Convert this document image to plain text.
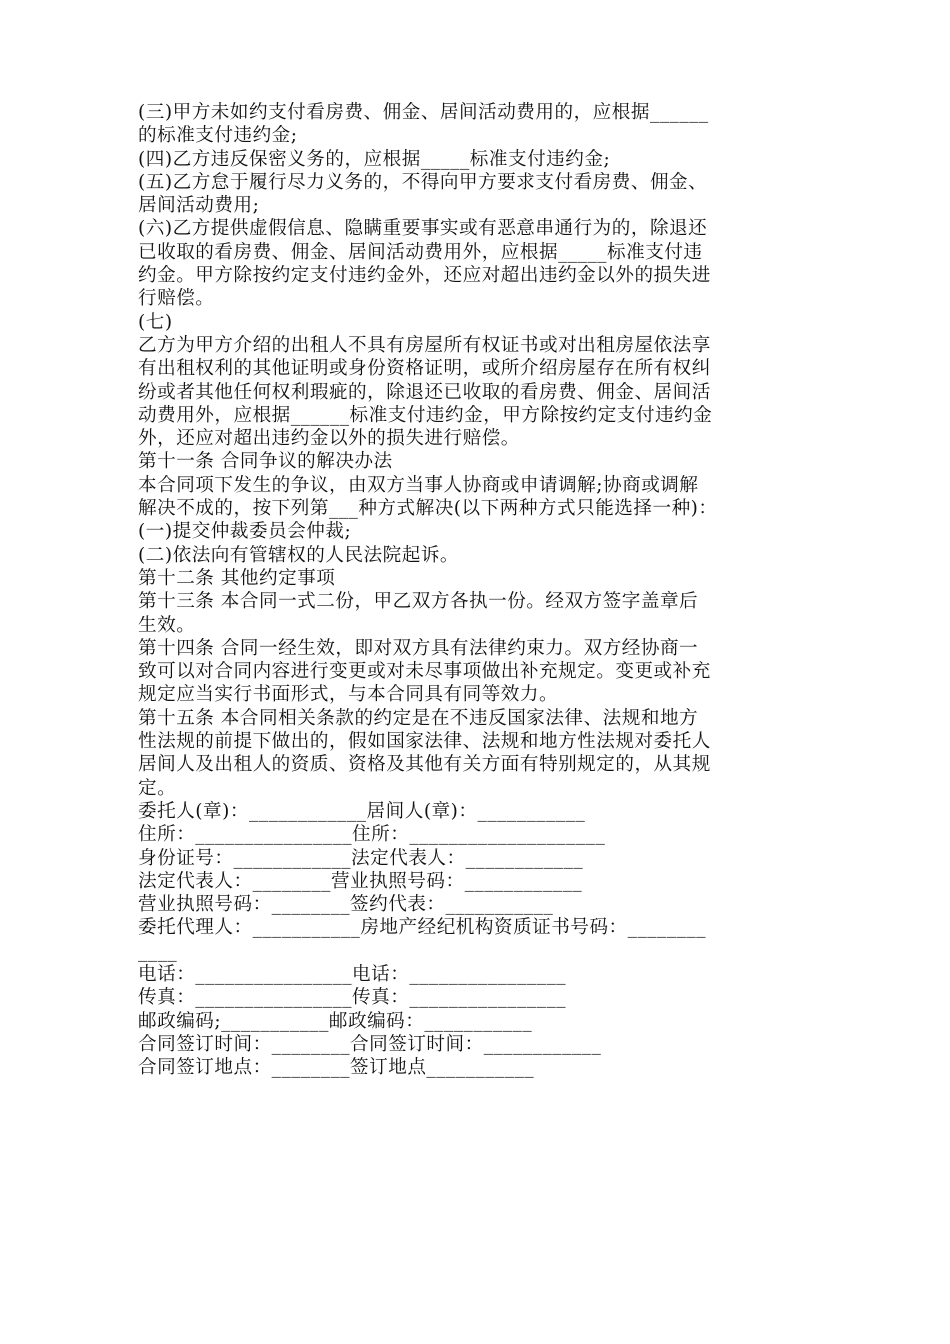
(三)甲方未如约支付看房费、佣金、居间活动费用的，应根据______
的标准支付违约金;
(四)乙方违反保密义务的，应根据_____标准支付违约金;
(五)乙方怠于履行尽力义务的，不得向甲方要求支付看房费、佣金、
居间活动费用;
(六)乙方提供虚假信息、隐瞒重要事实或有恶意串通行为的，除退还
已收取的看房费、佣金、居间活动费用外，应根据_____标准支付违
约金。甲方除按约定支付违约金外，还应对超出违约金以外的损失进
行赔偿。
(七)
乙方为甲方介绍的出租人不具有房屋所有权证书或对出租房屋依法享
有出租权利的其他证明或身份资格证明，或所介绍房屋存在所有权纠
纷或者其他任何权利瑕疵的，除退还已收取的看房费、佣金、居间活
动费用外，应根据______标准支付违约金，甲方除按约定支付违约金
外，还应对超出违约金以外的损失进行赔偿。
第十一条 合同争议的解决办法
本合同项下发生的争议，由双方当事人协商或申请调解;协商或调解
解决不成的，按下列第___种方式解决(以下两种方式只能选择一种)：
(一)提交仲裁委员会仲裁;
(二)依法向有管辖权的人民法院起诉。
第十二条 其他约定事项
第十三条 本合同一式二份，甲乙双方各执一份。经双方签字盖章后
生效。
第十四条 合同一经生效，即对双方具有法律约束力。双方经协商一
致可以对合同内容进行变更或对未尽事项做出补充规定。变更或补充
规定应当实行书面形式，与本合同具有同等效力。
第十五条 本合同相关条款的约定是在不违反国家法律、法规和地方
性法规的前提下做出的，假如国家法律、法规和地方性法规对委托人
居间人及出租人的资质、资格及其他有关方面有特别规定的，从其规
定。
委托人(章)：____________居间人(章)：___________
住所：________________住所：____________________
身份证号：____________法定代表人：____________
法定代表人：________营业执照号码：____________
营业执照号码：________签约代表：___________
委托代理人：___________房地产经纪机构资质证书号码：________
____
电话：________________电话：________________
传真：________________传真：________________
邮政编码;___________邮政编码：___________
合同签订时间：________合同签订时间：____________
合同签订地点：________签订地点___________
